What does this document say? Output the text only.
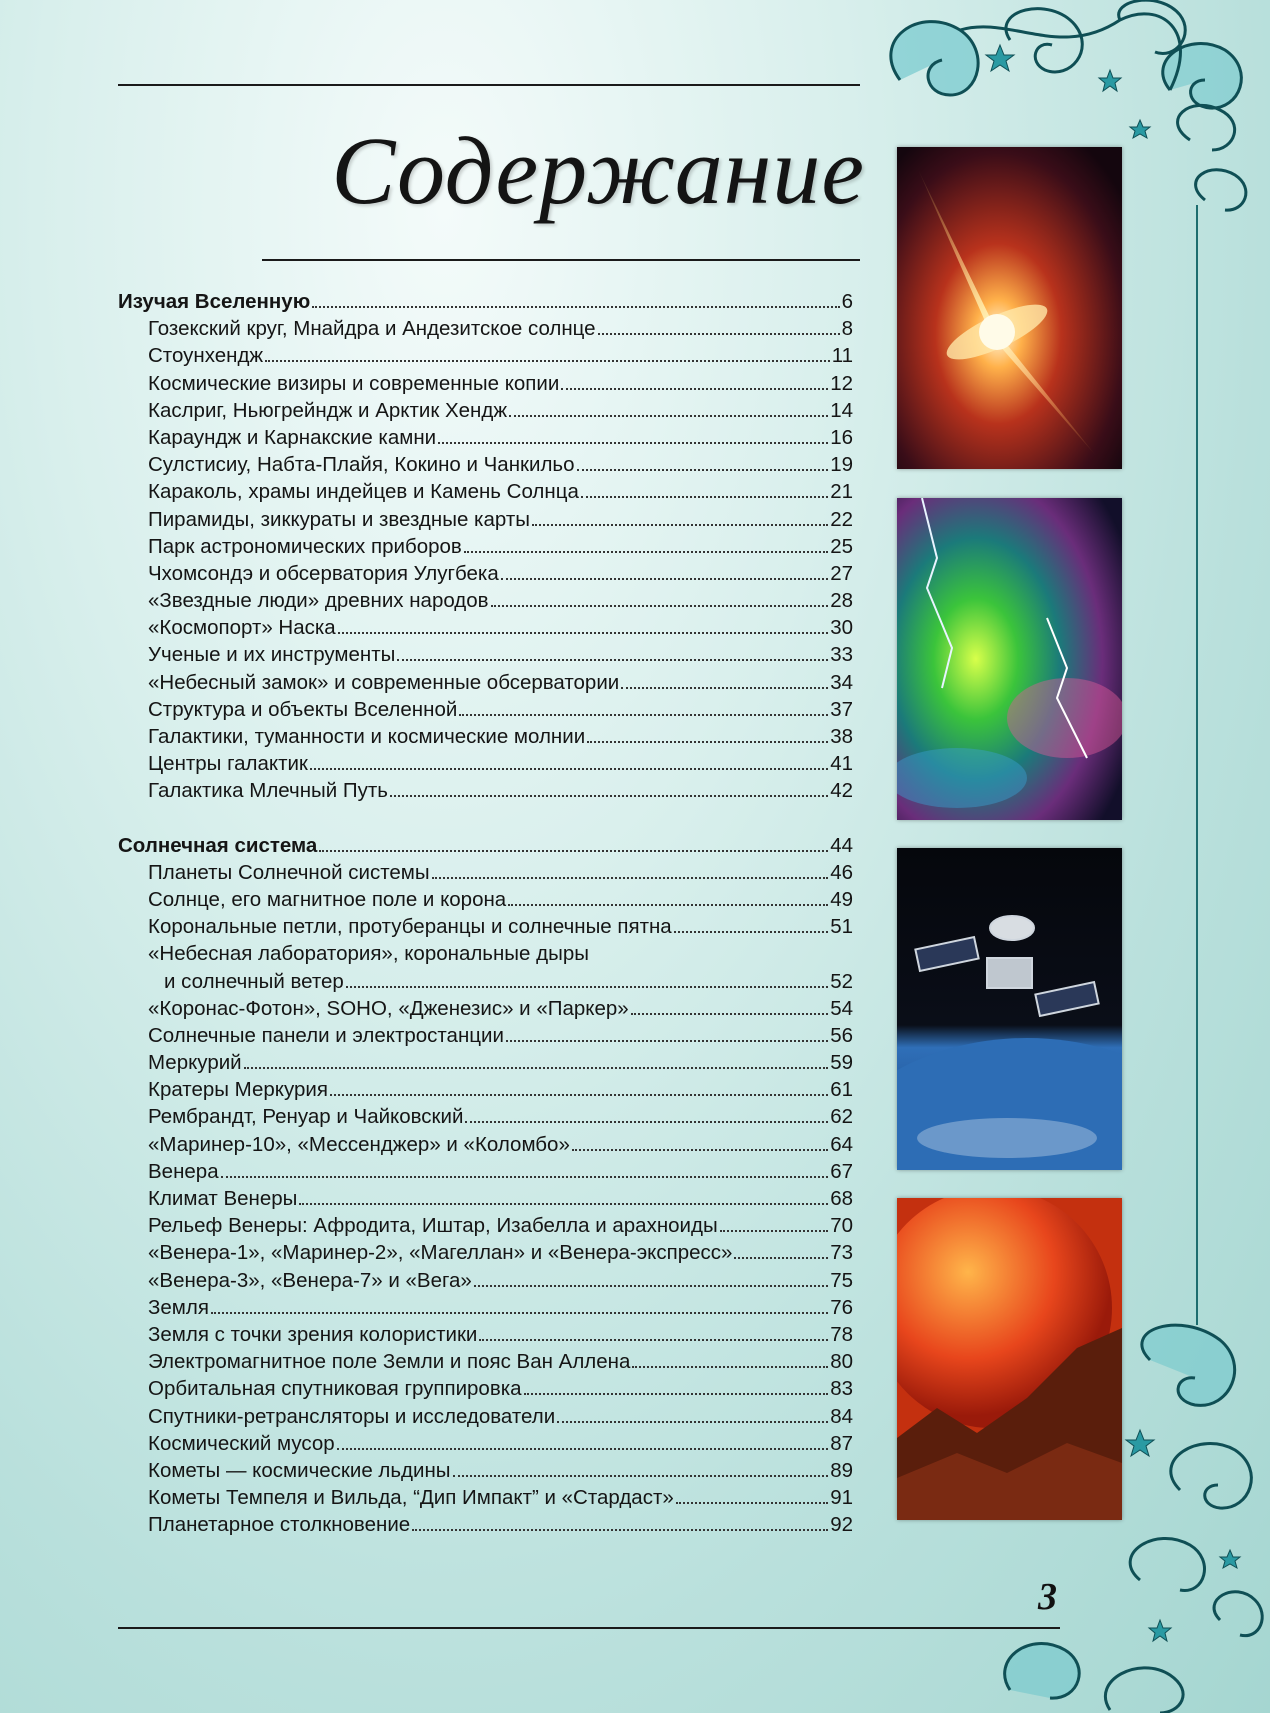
Содержание
Изучая Вселенную	6
Гозекский круг, Мнайдра и Андезитское солнце	8
Стоунхендж	11
Космические визиры и современные копии	12
Каслриг, Ньюгрейндж и Арктик Хендж	14
Караундж и Карнакские камни	16
Сулстисиу, Набта-Плайя, Кокино и Чанкильо	19
Караколь, храмы индейцев и Камень Солнца	21
Пирамиды, зиккураты и звездные карты	22
Парк астрономических приборов	25
Чхомсондэ и обсерватория Улугбека	27
«Звездные люди» древних народов	28
«Космопорт» Наска	30
Ученые и их инструменты	33
«Небесный замок» и современные обсерватории	34
Структура и объекты Вселенной	37
Галактики, туманности и космические молнии	38
Центры галактик	41
Галактика Млечный Путь	42
Солнечная система	44
Планеты Солнечной системы	46
Солнце, его магнитное поле и корона	49
Корональные петли, протуберанцы и солнечные пятна	51
«Небесная лаборатория», корональные дыры
и солнечный ветер	52
«Коронас-Фотон», SOHO, «Дженезис» и «Паркер»	54
Солнечные панели и электростанции	56
Меркурий	59
Кратеры Меркурия	61
Рембрандт, Ренуар и Чайковский	62
«Маринер-10», «Мессенджер» и «Коломбо»	64
Венера	67
Климат Венеры	68
Рельеф Венеры: Афродита, Иштар, Изабелла и арахноиды	70
«Венера-1», «Маринер-2», «Магеллан» и «Венера-экспресс»	73
«Венера-3», «Венера-7» и «Вега»	75
Земля	76
Земля с точки зрения колористики	78
Электромагнитное поле Земли и пояс Ван Аллена	80
Орбитальная спутниковая группировка	83
Спутники-ретрансляторы и исследователи	84
Космический мусор	87
Кометы — космические льдины	89
Кометы Темпеля и Вильда, “Дип Импакт” и «Стардаст»	91
Планетарное столкновение	92
3
